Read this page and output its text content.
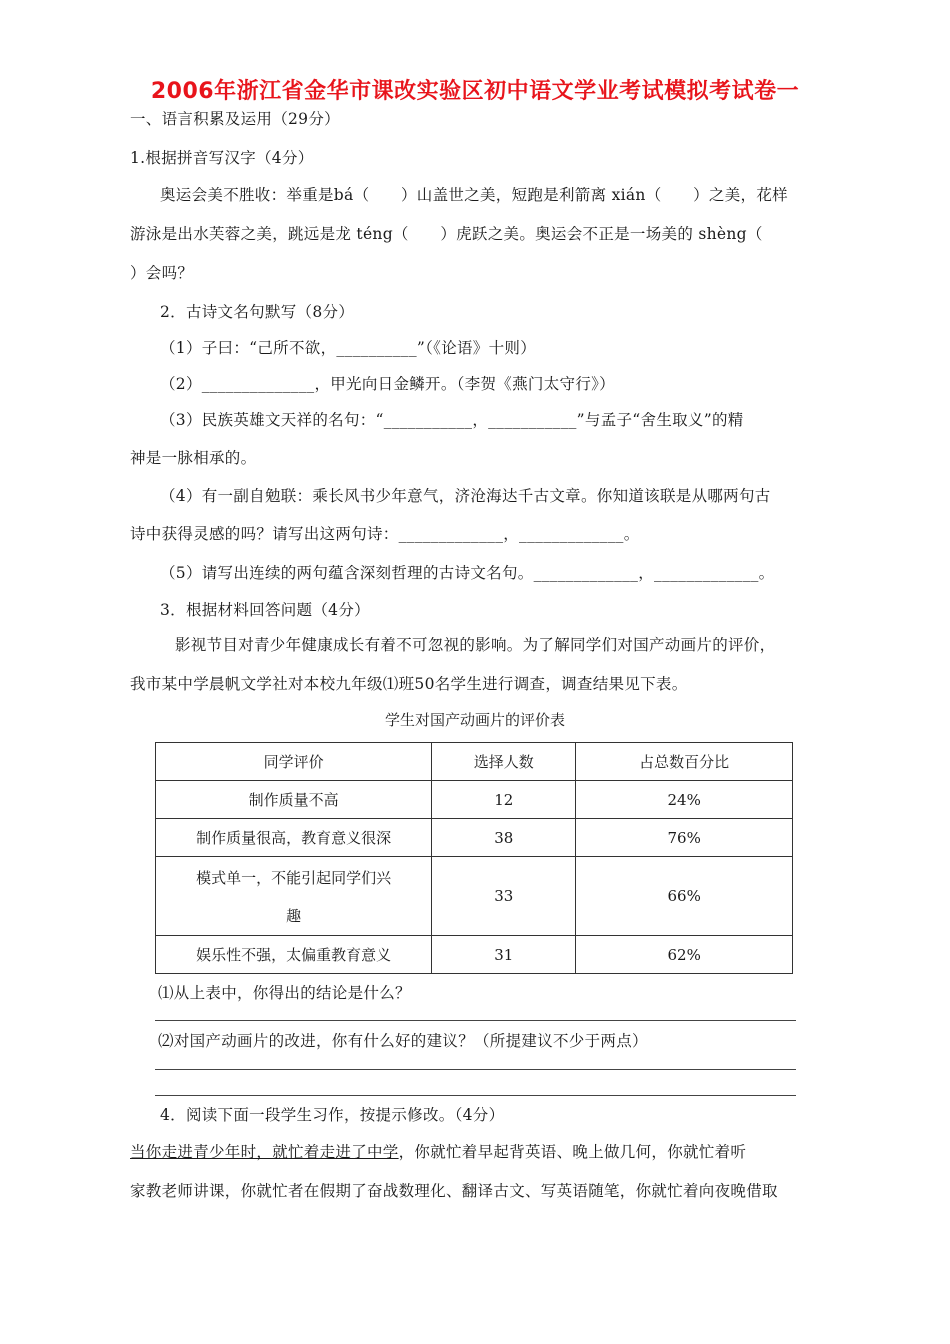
2006年浙江省金华市课改实验区初中语文学业考试模拟考试卷一
一、语言积累及运用（29分）
1.根据拼音写汉字（4分）
奥运会美不胜收：举重是bá（　　）山盖世之美，短跑是利箭离 xián（　　）之美，花样
游泳是出水芙蓉之美，跳远是龙 téng（　　）虎跃之美。奥运会不正是一场美的 shèng（
）会吗？
2．古诗文名句默写（8分）
（1）子曰：“己所不欲，__________”（《论语》十则）
（2）______________，甲光向日金鳞开。（李贺《燕门太守行》）
（3）民族英雄文天祥的名句：“___________，___________”与孟子“舍生取义”的精
神是一脉相承的。
（4）有一副自勉联：乘长风书少年意气，济沧海达千古文章。你知道该联是从哪两句古
诗中获得灵感的吗？请写出这两句诗：_____________，_____________。
（5）请写出连续的两句蕴含深刻哲理的古诗文名句。_____________，_____________。
3．根据材料回答问题（4分）
影视节目对青少年健康成长有着不可忽视的影响。为了解同学们对国产动画片的评价，
我市某中学晨帆文学社对本校九年级⑴班50名学生进行调查，调查结果见下表。
学生对国产动画片的评价表
同学评价	选择人数	占总数百分比
制作质量不高	12	24%
制作质量很高，教育意义很深	38	76%

模式单一，不能引起同学们兴
趣	33	66%
娱乐性不强，太偏重教育意义	31	62%
⑴从上表中，你得出的结论是什么？
⑵对国产动画片的改进，你有什么好的建议？（所提建议不少于两点）
4．阅读下面一段学生习作，按提示修改。（4分）
当你走进青少年时，就忙着走进了中学，你就忙着早起背英语、晚上做几何，你就忙着听
家教老师讲课，你就忙者在假期了奋战数理化、翻译古文、写英语随笔，你就忙着向夜晚借取
